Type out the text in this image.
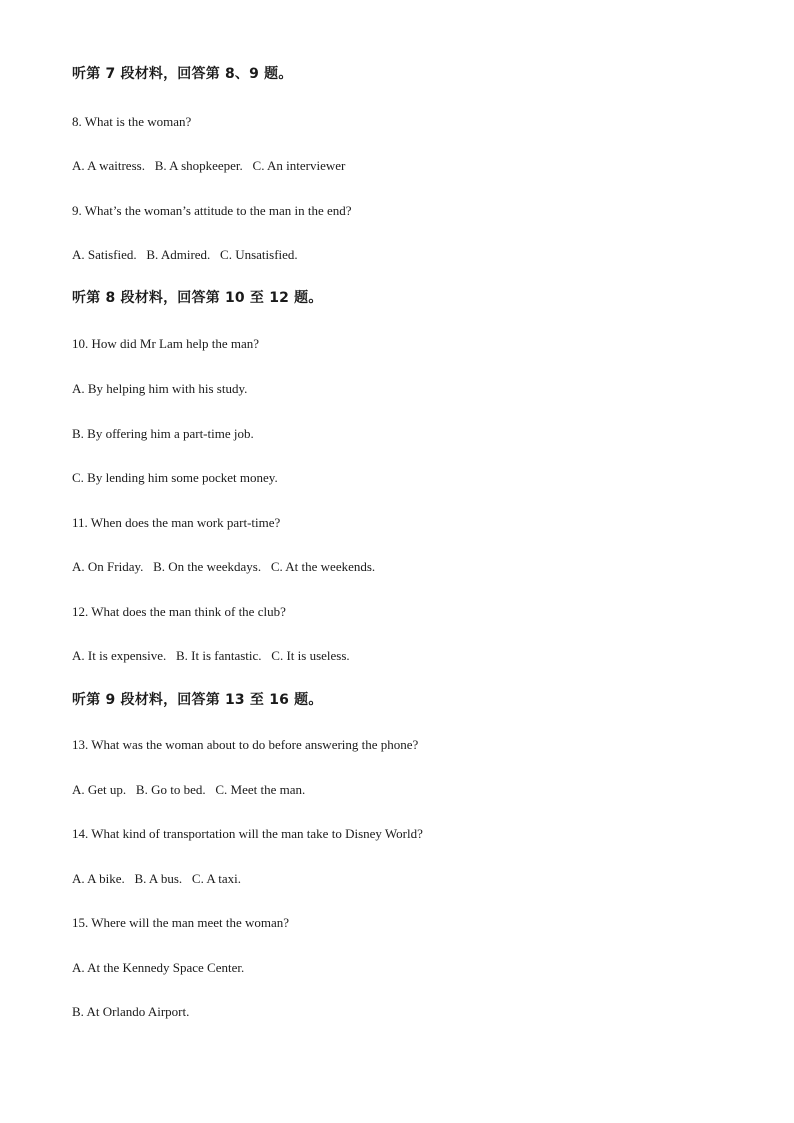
听第 7 段材料，回答第 8、9 题。
8. What is the woman?
A. A waitress.   B. A shopkeeper.   C. An interviewer
9. What’s the woman’s attitude to the man in the end?
A. Satisfied.   B. Admired.   C. Unsatisfied.
听第 8 段材料，回答第 10 至 12 题。
10. How did Mr Lam help the man?
A. By helping him with his study.
B. By offering him a part-time job.
C. By lending him some pocket money.
11. When does the man work part-time?
A. On Friday.   B. On the weekdays.   C. At the weekends.
12. What does the man think of the club?
A. It is expensive.   B. It is fantastic.   C. It is useless.
听第 9 段材料，回答第 13 至 16 题。
13. What was the woman about to do before answering the phone?
A. Get up.   B. Go to bed.   C. Meet the man.
14. What kind of transportation will the man take to Disney World?
A. A bike.   B. A bus.   C. A taxi.
15. Where will the man meet the woman?
A. At the Kennedy Space Center.
B. At Orlando Airport.
